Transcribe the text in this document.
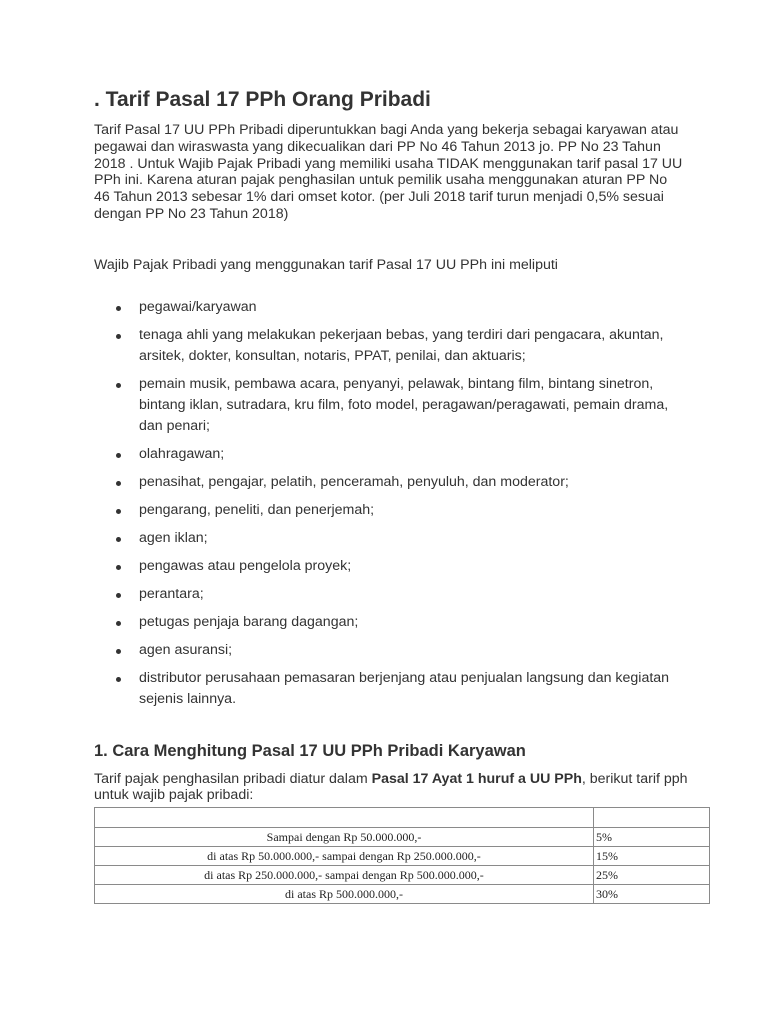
. Tarif Pasal 17 PPh Orang Pribadi

Tarif Pasal 17 UU PPh Pribadi diperuntukkan bagi Anda yang bekerja sebagai karyawan atau pegawai dan wiraswasta yang dikecualikan dari PP No 46 Tahun 2013 jo. PP No 23 Tahun 2018 . Untuk Wajib Pajak Pribadi yang memiliki usaha TIDAK menggunakan tarif pasal 17 UU PPh ini. Karena aturan pajak penghasilan untuk pemilik usaha menggunakan aturan PP No 46 Tahun 2013 sebesar 1% dari omset kotor. (per Juli 2018 tarif turun menjadi 0,5% sesuai dengan PP No 23 Tahun 2018)

Wajib Pajak Pribadi yang menggunakan tarif Pasal 17 UU PPh ini meliputi

pegawai/karyawan
tenaga ahli yang melakukan pekerjaan bebas, yang terdiri dari pengacara, akuntan, arsitek, dokter, konsultan, notaris, PPAT, penilai, dan aktuaris;
pemain musik, pembawa acara, penyanyi, pelawak, bintang film, bintang sinetron, bintang iklan, sutradara, kru film, foto model, peragawan/peragawati, pemain drama, dan penari;
olahragawan;
penasihat, pengajar, pelatih, penceramah, penyuluh, dan moderator;
pengarang, peneliti, dan penerjemah;
agen iklan;
pengawas atau pengelola proyek;
perantara;
petugas penjaja barang dagangan;
agen asuransi;
distributor perusahaan pemasaran berjenjang atau penjualan langsung dan kegiatan sejenis lainnya.
1. Cara Menghitung Pasal 17 UU PPh Pribadi Karyawan

Tarif pajak penghasilan pribadi diatur dalam Pasal 17 Ayat 1 huruf a UU PPh, berikut tarif pph untuk wajib pajak pribadi:

Sampai dengan Rp 50.000.000,-	5%
di atas Rp 50.000.000,- sampai dengan Rp 250.000.000,-	15%
di atas Rp 250.000.000,- sampai dengan Rp 500.000.000,-	25%
di atas Rp 500.000.000,-	30%
